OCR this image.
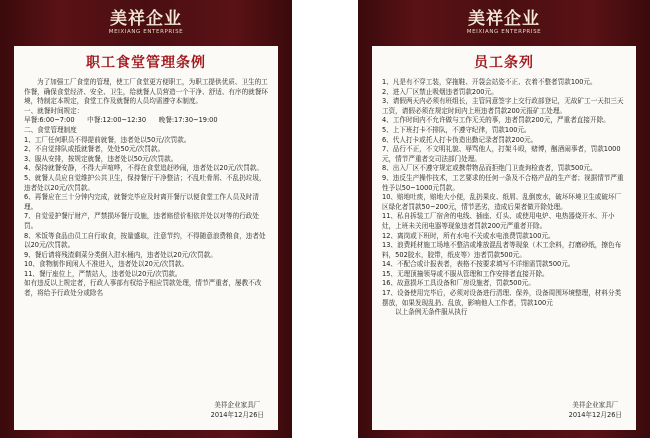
美祥企业
MEIXIANG ENTERPRISE
职工食堂管理条例

为了加强工厂食堂的管理，使工厂食堂更方便职工，为职工提供优质、卫生的工作餐，确保食堂经济、安全、卫生，给就餐人员营造一个干净、舒适、有序的就餐环境，特制定本规定，食堂工作及就餐的人员均需遵守本制度。

一、就餐时间规定：

早餐:6:00~7:00      中餐:12:00~12:30      晚餐:17:30~19:00

二、食堂管理制度

1、工厂任何职员不得提前就餐，违者处以50元/次罚款。

2、不自觉排队或抵就餐者，处处50元/次罚款。

3、服从安排，按规定就餐，违者处以50元/次罚款。

4、保持就餐安静，不得大声喧哗，不得在食堂追赶吵闹，违者处以20元/次罚款。

5、就餐人员应自觉维护公共卫生，保持餐厅干净整洁；不乱吐骨屑、不乱扔垃圾，违者处以20元/次罚款。

6、再餐应在三十分钟内完成，就餐完毕应及时离开餐厅以便食堂工作人员及时清理。

7、自觉爱护餐厅财产，严禁损坏餐厅设施，违者赔偿价相依并处以对等的行政处罚。

8、米饭等食品由员工自行取食，按量盛取，注意节约，不得随意浪费粮食，违者处以20元/次罚款。

9、餐后请将残渣剩菜分类倒入泔水桶内，违者处以20元/次罚款。

10、食物制作间闲人不准进入，违者处以20元/次罚款。

11、餐厅座位上，严禁站人，违者处以20元/次罚款。

如有违反以上规定者，行政人事部有权给予相应罚款处理，情节严重者，屡教不改者，将给予行政处分或除名

美祥企业家具厂
2014年12月26日
美祥企业
MEIXIANG ENTERPRISE
员工条列

1、凡是有不穿工装，穿拖鞋、开袋会站姿不正、衣着不整者罚款100元。

2、进入厂区禁止吸烟违者罚款200元。

3、请假两天内必须有班组长，主管同意签字上交行政部登记，无故矿工一天扣三天工资，请假必须在规定时间内上班违者罚款200元报矿工处理。

4、工作时间内不允许做与工作无关的事，违者罚款200元，严重者直接开除。

5、上下班打卡不排队，不遵守纪律，罚款100元。

6、代人打卡或托人打卡伪造出勤记录者罚款200元。

7、品行不正，不文明礼貌、辱骂他人，打架斗殴，赌博，酗酒闹事者，罚款1000元，情节严重者交司法部门处理。

8、出入厂区不遵守规定或携带物品而拒绝门卫查询检查者，罚款500元。

9、违反生产操作技术，工艺要求的任何一条及不合格产品的生产者；视据情节严重性予以50~1000元罚款。

10、赔地吐痰，赔地大小便，乱扔果皮、纸屑、乱倒废水，破坏环境卫生或破坏厂区绿化者罚款50~200元，情节恶劣，造成后果者做开除处理。

11、私自拆装工厂宿舍的电线、插座、灯头、或使用电炉、电热器烧开水、开小灶，上班未关闭电器等现象违者罚款200元严重者开除。

12、离岗或下班时，所有水电不关或水电浪费罚款100元。

13、浪费耗材施工场地不整洁或堆放混乱者等现象（木工余料，打磨砂纸，擦色布料，502胶水，胶带，纸皮等）违者罚款500元。

14、不配合或计报表者，表格不按要求填写不详细需罚款500元。

15、无理顶撞领导或不服从管理和工作安排者直接开除。

16、故意损坏工具设备和厂房设施者，罚款500元。

17、设备使用完毕后，必须对设备进行清理、保养，设备周围环境整理，材料分类摆放，如果发现乱扔、乱放，影响他人工作者，罚款100元

以上条例无条件服从执行

美祥企业家具厂
2014年12月26日
